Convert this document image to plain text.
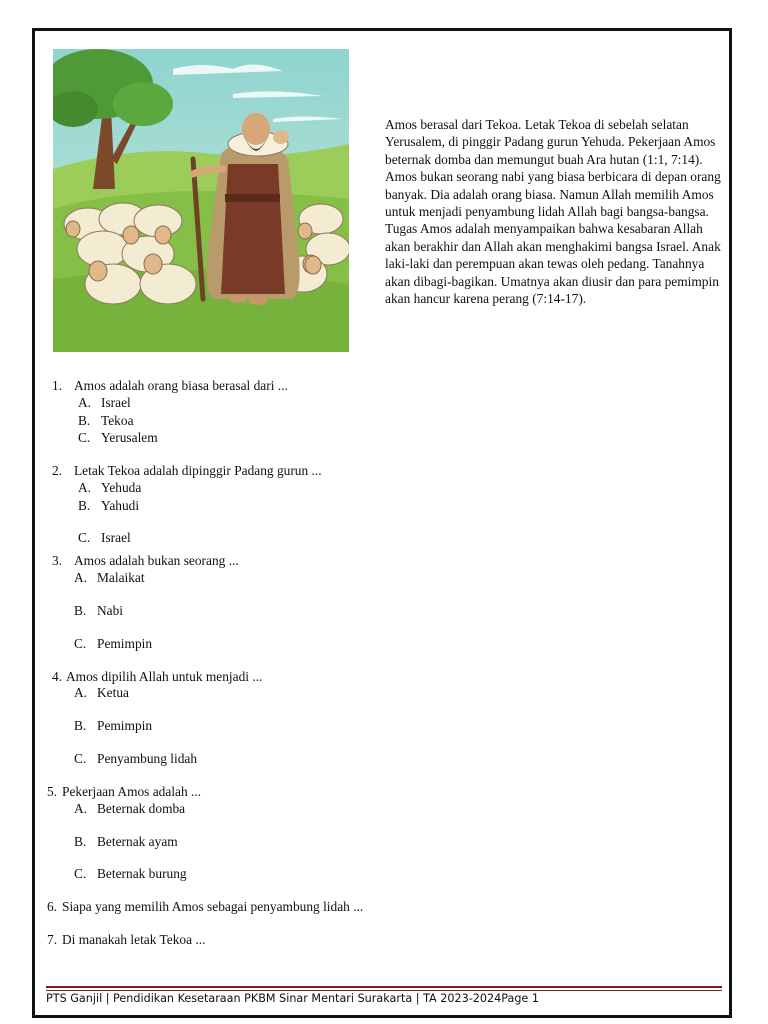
Amos berasal dari Tekoa. Letak Tekoa di sebelah selatan Yerusalem, di pinggir Padang gurun Yehuda. Pekerjaan Amos beternak domba dan memungut buah Ara hutan (1:1, 7:14).

Amos bukan seorang nabi yang biasa berbicara di depan orang banyak. Dia adalah orang biasa. Namun Allah memilih Amos untuk menjadi penyambung lidah Allah bagi bangsa-bangsa.

Tugas Amos adalah menyampaikan bahwa kesabaran Allah akan berakhir dan Allah akan menghakimi bangsa Israel. Anak laki-laki dan perempuan akan tewas oleh pedang. Tanahnya akan dibagi-bagikan. Umatnya akan diusir dan para pemimpin akan hancur karena perang (7:14-17).

1. Amos adalah orang biasa berasal dari ...
A. Israel
B. Tekoa
C. Yerusalem
2. Letak Tekoa adalah dipinggir Padang gurun ...
A. Yehuda
B. Yahudi
C. Israel
3. Amos adalah bukan seorang ...
A. Malaikat
B. Nabi
C. Pemimpin
4. Amos dipilih Allah untuk menjadi ...
A. Ketua
B. Pemimpin
C. Penyambung lidah
5. Pekerjaan Amos adalah ...
A. Beternak domba
B. Beternak ayam
C. Beternak burung
6. Siapa yang memilih Amos sebagai penyambung lidah ...
7. Di manakah letak Tekoa ...
PTS Ganjil | Pendidikan Kesetaraan PKBM Sinar Mentari Surakarta | TA 2023-2024Page 1
